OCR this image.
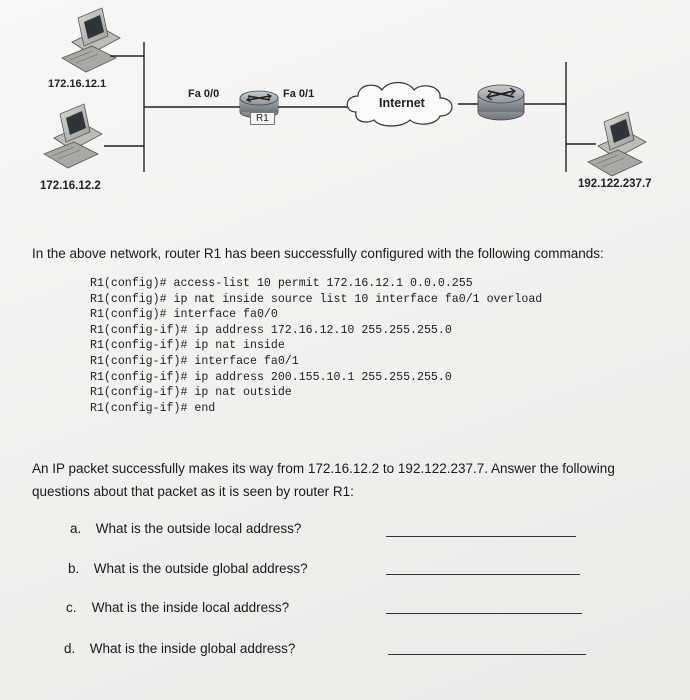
172.16.12.1
172.16.12.2	192.122.237.7
Fa 0/0	Fa 0/1
R1
Internet
In the above network, router R1 has been successfully configured with the following commands:
R1(config)# access-list 10 permit 172.16.12.1 0.0.0.255
R1(config)# ip nat inside source list 10 interface fa0/1 overload
R1(config)# interface fa0/0
R1(config-if)# ip address 172.16.12.10 255.255.255.0
R1(config-if)# ip nat inside
R1(config-if)# interface fa0/1
R1(config-if)# ip address 200.155.10.1 255.255.255.0
R1(config-if)# ip nat outside
R1(config-if)# end
An IP packet successfully makes its way from 172.16.12.2 to 192.122.237.7. Answer the following questions about that packet as it is seen by router R1:
a. What is the outside local address?
b. What is the outside global address?
c. What is the inside local address?
d. What is the inside global address?
